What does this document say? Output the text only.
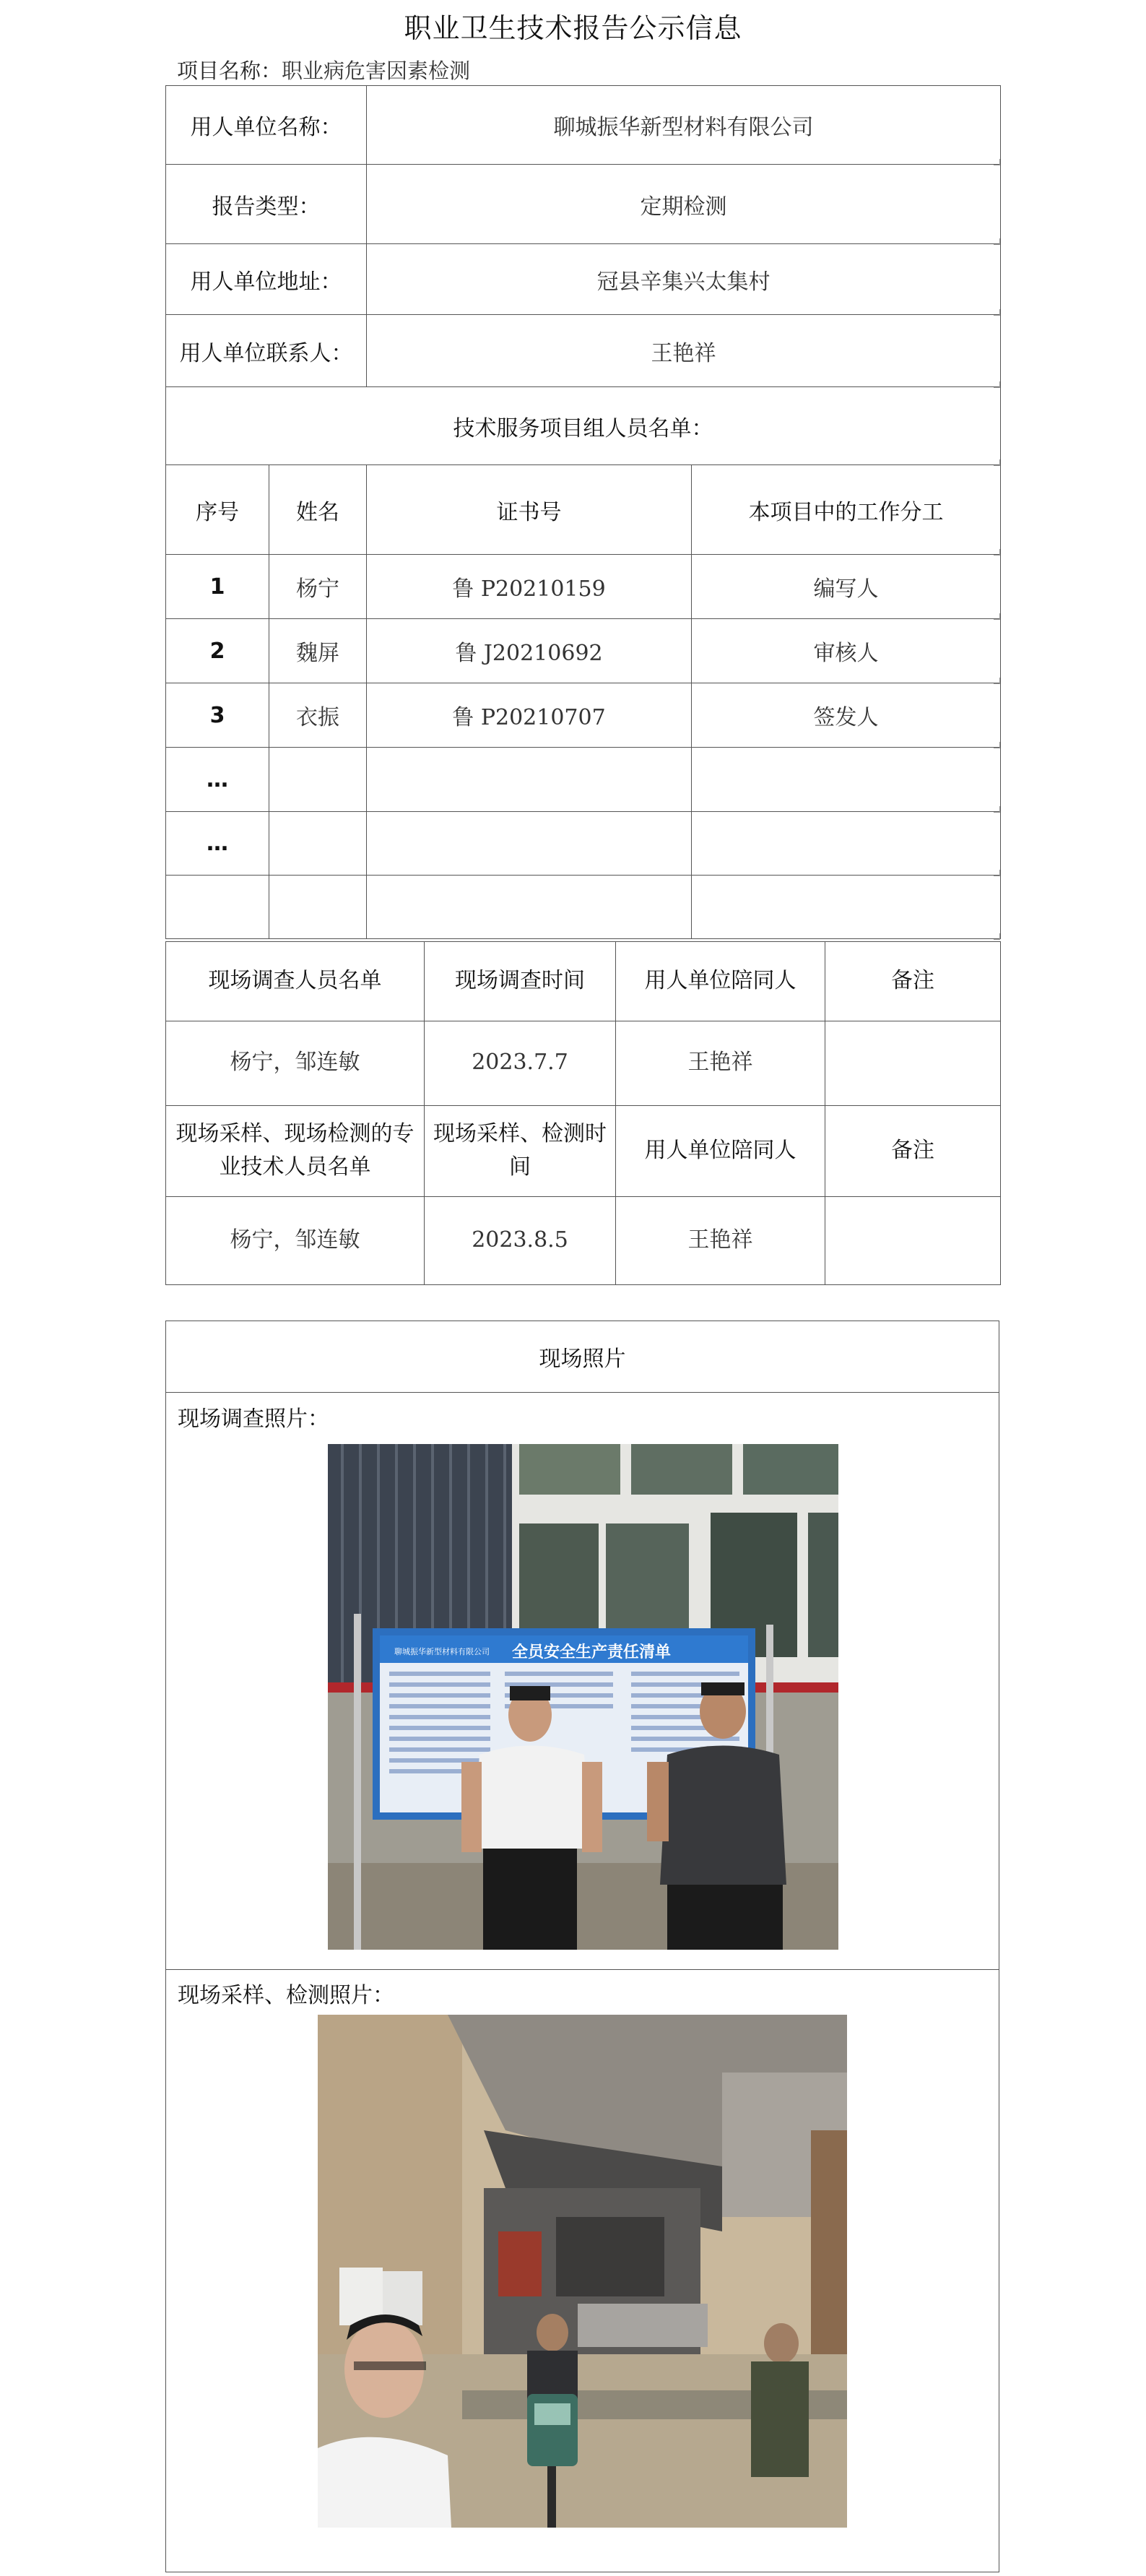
职业卫生技术报告公示信息
项目名称：职业病危害因素检测
用人单位名称：		聊城振华新型材料有限公司	
报告类型：		定期检测	
用人单位地址：		冠县辛集兴太集村	
用人单位联系人：		王艳祥	
技术服务项目组人员名单：			
序号	姓名	证书号	本项目中的工作分工
1	杨宁	鲁 P20210159	编写人
2	魏屏	鲁 J20210692	审核人
3	衣振	鲁 P20210707	签发人
…			
…			

现场调查人员名单	现场调查时间	用人单位陪同人	备注
杨宁，邹连敏	2023.7.7	王艳祥	
现场采样、现场检测的专业技术人员名单	现场采样、检测时间	用人单位陪同人	备注
杨宁，邹连敏	2023.8.5	王艳祥	
现场照片
现场调查照片：
聊城振华新型材料有限公司 全员安全生产责任清单
现场采样、检测照片：
